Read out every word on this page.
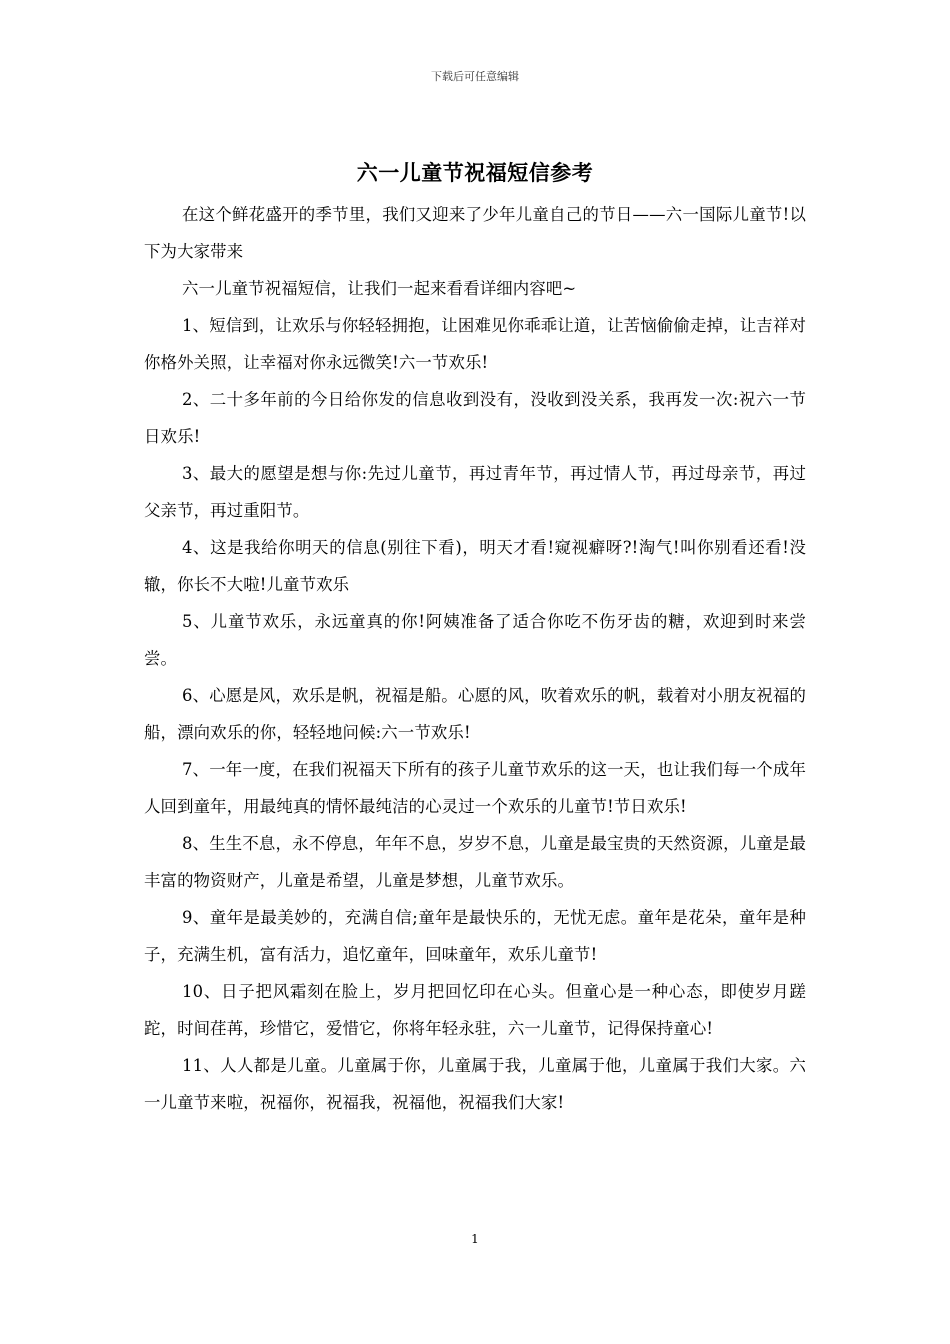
下载后可任意编辑
六一儿童节祝福短信参考

在这个鲜花盛开的季节里，我们又迎来了少年儿童自己的节日——六一国际儿童节!以下为大家带来

六一儿童节祝福短信，让我们一起来看看详细内容吧~

1、短信到，让欢乐与你轻轻拥抱，让困难见你乖乖让道，让苦恼偷偷走掉，让吉祥对你格外关照，让幸福对你永远微笑!六一节欢乐!

2、二十多年前的今日给你发的信息收到没有，没收到没关系，我再发一次:祝六一节日欢乐!

3、最大的愿望是想与你:先过儿童节，再过青年节，再过情人节，再过母亲节，再过父亲节，再过重阳节。

4、这是我给你明天的信息(别往下看)，明天才看!窥视癖呀?!淘气!叫你别看还看!没辙，你长不大啦!儿童节欢乐

5、儿童节欢乐，永远童真的你!阿姨准备了适合你吃不伤牙齿的糖，欢迎到时来尝尝。

6、心愿是风，欢乐是帆，祝福是船。心愿的风，吹着欢乐的帆，载着对小朋友祝福的船，漂向欢乐的你，轻轻地问候:六一节欢乐!

7、一年一度，在我们祝福天下所有的孩子儿童节欢乐的这一天，也让我们每一个成年人回到童年，用最纯真的情怀最纯洁的心灵过一个欢乐的儿童节!节日欢乐!

8、生生不息，永不停息，年年不息，岁岁不息，儿童是最宝贵的天然资源，儿童是最丰富的物资财产，儿童是希望，儿童是梦想，儿童节欢乐。

9、童年是最美妙的，充满自信;童年是最快乐的，无忧无虑。童年是花朵，童年是种子，充满生机，富有活力，追忆童年，回味童年，欢乐儿童节!

10、日子把风霜刻在脸上，岁月把回忆印在心头。但童心是一种心态，即使岁月蹉跎，时间荏苒，珍惜它，爱惜它，你将年轻永驻，六一儿童节，记得保持童心!

11、人人都是儿童。儿童属于你，儿童属于我，儿童属于他，儿童属于我们大家。六一儿童节来啦，祝福你，祝福我，祝福他，祝福我们大家!

1
